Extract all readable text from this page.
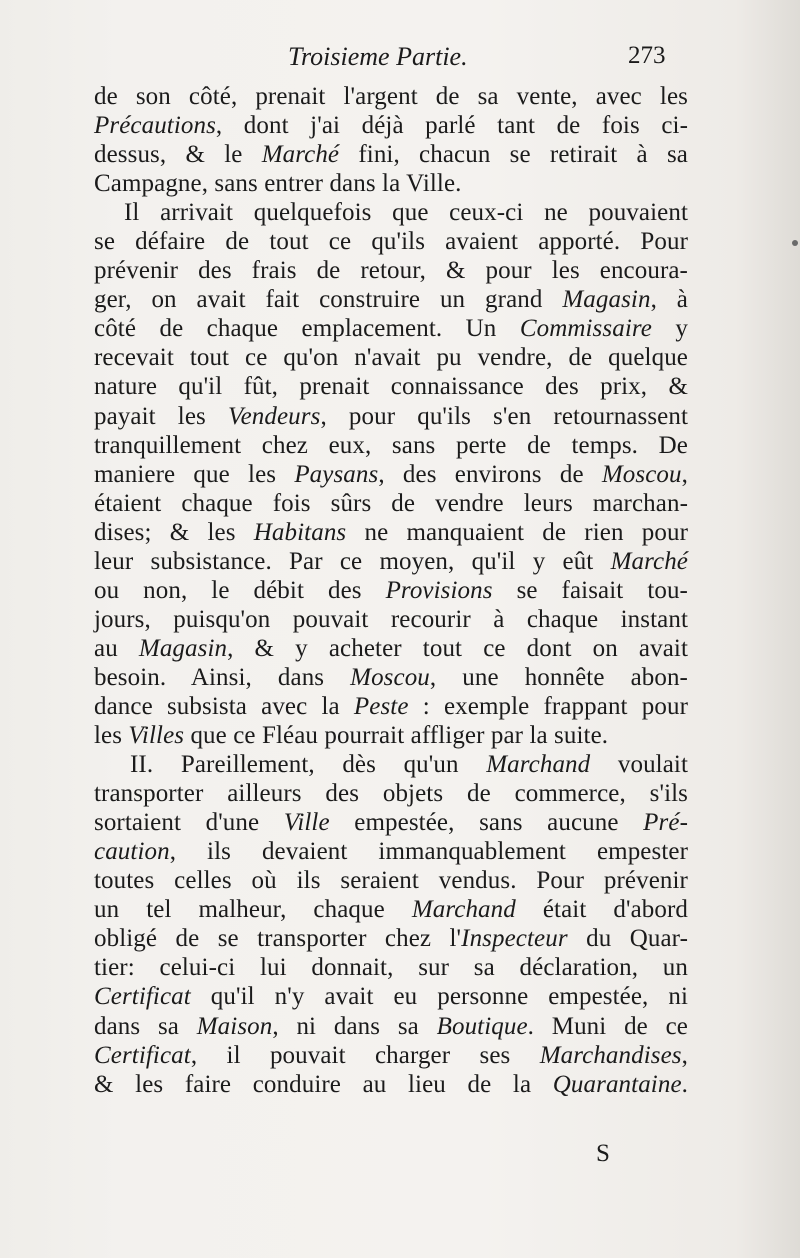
Troisieme Partie.	273
de son côté, prenait l'argent de sa vente, avec les
Précautions, dont j'ai déjà parlé tant de fois ci-
dessus, & le Marché fini, chacun se retirait à sa
Campagne, sans entrer dans la Ville.
Il arrivait quelquefois que ceux-ci ne pouvaient
se défaire de tout ce qu'ils avaient apporté. Pour
prévenir des frais de retour, & pour les encoura-
ger, on avait fait construire un grand Magasin, à
côté de chaque emplacement. Un Commissaire y
recevait tout ce qu'on n'avait pu vendre, de quelque
nature qu'il fût, prenait connaissance des prix, &
payait les Vendeurs, pour qu'ils s'en retournassent
tranquillement chez eux, sans perte de temps. De
maniere que les Paysans, des environs de Moscou,
étaient chaque fois sûrs de vendre leurs marchan-
dises; & les Habitans ne manquaient de rien pour
leur subsistance. Par ce moyen, qu'il y eût Marché
ou non, le débit des Provisions se faisait tou-
jours, puisqu'on pouvait recourir à chaque instant
au Magasin, & y acheter tout ce dont on avait
besoin. Ainsi, dans Moscou, une honnête abon-
dance subsista avec la Peste : exemple frappant pour
les Villes que ce Fléau pourrait affliger par la suite.
II. Pareillement, dès qu'un Marchand voulait
transporter ailleurs des objets de commerce, s'ils
sortaient d'une Ville empestée, sans aucune Pré-
caution, ils devaient immanquablement empester
toutes celles où ils seraient vendus. Pour prévenir
un tel malheur, chaque Marchand était d'abord
obligé de se transporter chez l'Inspecteur du Quar-
tier: celui-ci lui donnait, sur sa déclaration, un
Certificat qu'il n'y avait eu personne empestée, ni
dans sa Maison, ni dans sa Boutique. Muni de ce
Certificat, il pouvait charger ses Marchandises,
& les faire conduire au lieu de la Quarantaine.
S
